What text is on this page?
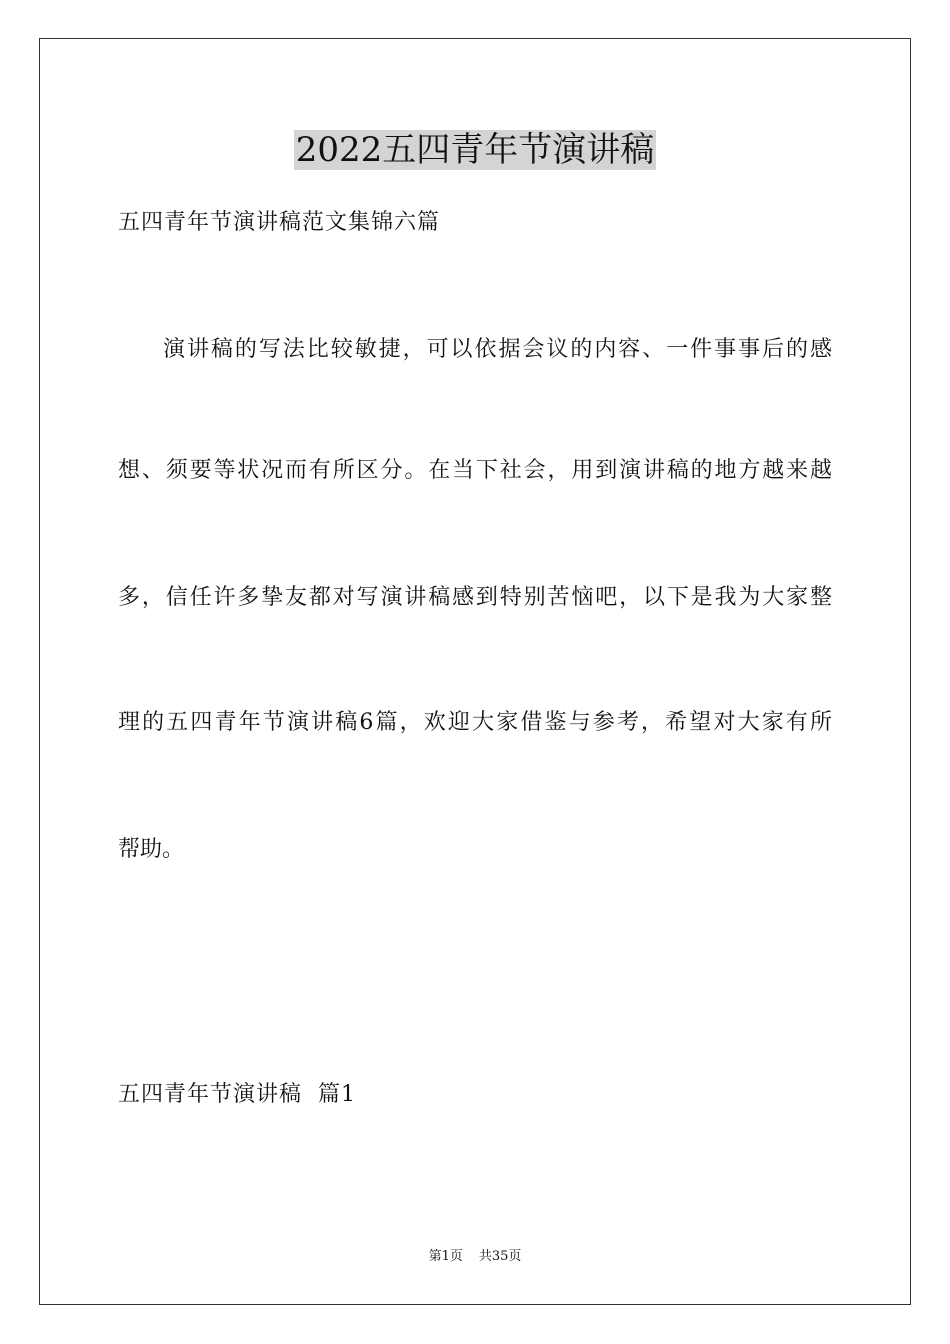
2022五四青年节演讲稿
五四青年节演讲稿范文集锦六篇
演讲稿的写法比较敏捷，可以依据会议的内容、一件事事后的感
想、须要等状况而有所区分。在当下社会，用到演讲稿的地方越来越
多，信任许多挚友都对写演讲稿感到特别苦恼吧，以下是我为大家整
理的五四青年节演讲稿6篇，欢迎大家借鉴与参考，希望对大家有所
帮助。
五四青年节演讲稿  篇1
第1页 共35页
